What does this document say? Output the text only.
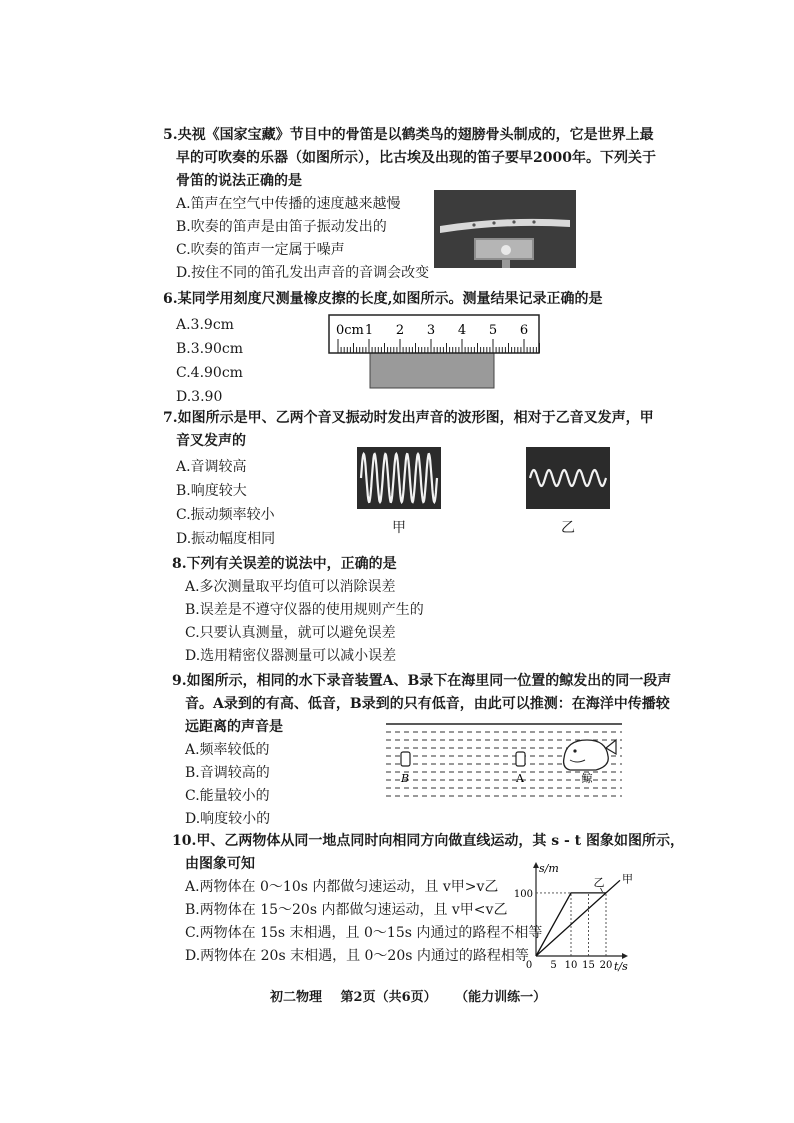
5.央视《国家宝藏》节目中的骨笛是以鹤类鸟的翅膀骨头制成的，它是世界上最
早的可吹奏的乐器（如图所示），比古埃及出现的笛子要早2000年。下列关于
骨笛的说法正确的是
A.笛声在空气中传播的速度越来越慢
B.吹奏的笛声是由笛子振动发出的
C.吹奏的笛声一定属于噪声
D.按住不同的笛孔发出声音的音调会改变
6.某同学用刻度尺测量橡皮擦的长度,如图所示。测量结果记录正确的是
A.3.9cm
B.3.90cm
C.4.90cm
D.3.90
0cm 1 2 3 4 5 6
7.如图所示是甲、乙两个音叉振动时发出声音的波形图，相对于乙音叉发声，甲
音叉发声的
A.音调较高
B.响度较大
C.振动频率较小
D.振动幅度相同
甲	乙
8.下列有关误差的说法中，正确的是
A.多次测量取平均值可以消除误差
B.误差是不遵守仪器的使用规则产生的
C.只要认真测量，就可以避免误差
D.选用精密仪器测量可以减小误差
9.如图所示，相同的水下录音装置A、B录下在海里同一位置的鲸发出的同一段声
音。A录到的有高、低音，B录到的只有低音，由此可以推测：在海洋中传播较
远距离的声音是
A.频率较低的
B.音调较高的
C.能量较小的
D.响度较小的
B	A	鲸
10.甲、乙两物体从同一地点同时向相同方向做直线运动，其 s - t 图象如图所示，
由图象可知
A.两物体在 0～10s 内都做匀速运动，且 v甲>v乙
B.两物体在 15～20s 内都做匀速运动，且 v甲<v乙
C.两物体在 15s 末相遇，且 0～15s 内通过的路程不相等
D.两物体在 20s 末相遇，且 0～20s 内通过的路程相等
s/m
t/s
0 5 10 15 20
100
甲
乙
初二物理 第2页（共6页） （能力训练一）
